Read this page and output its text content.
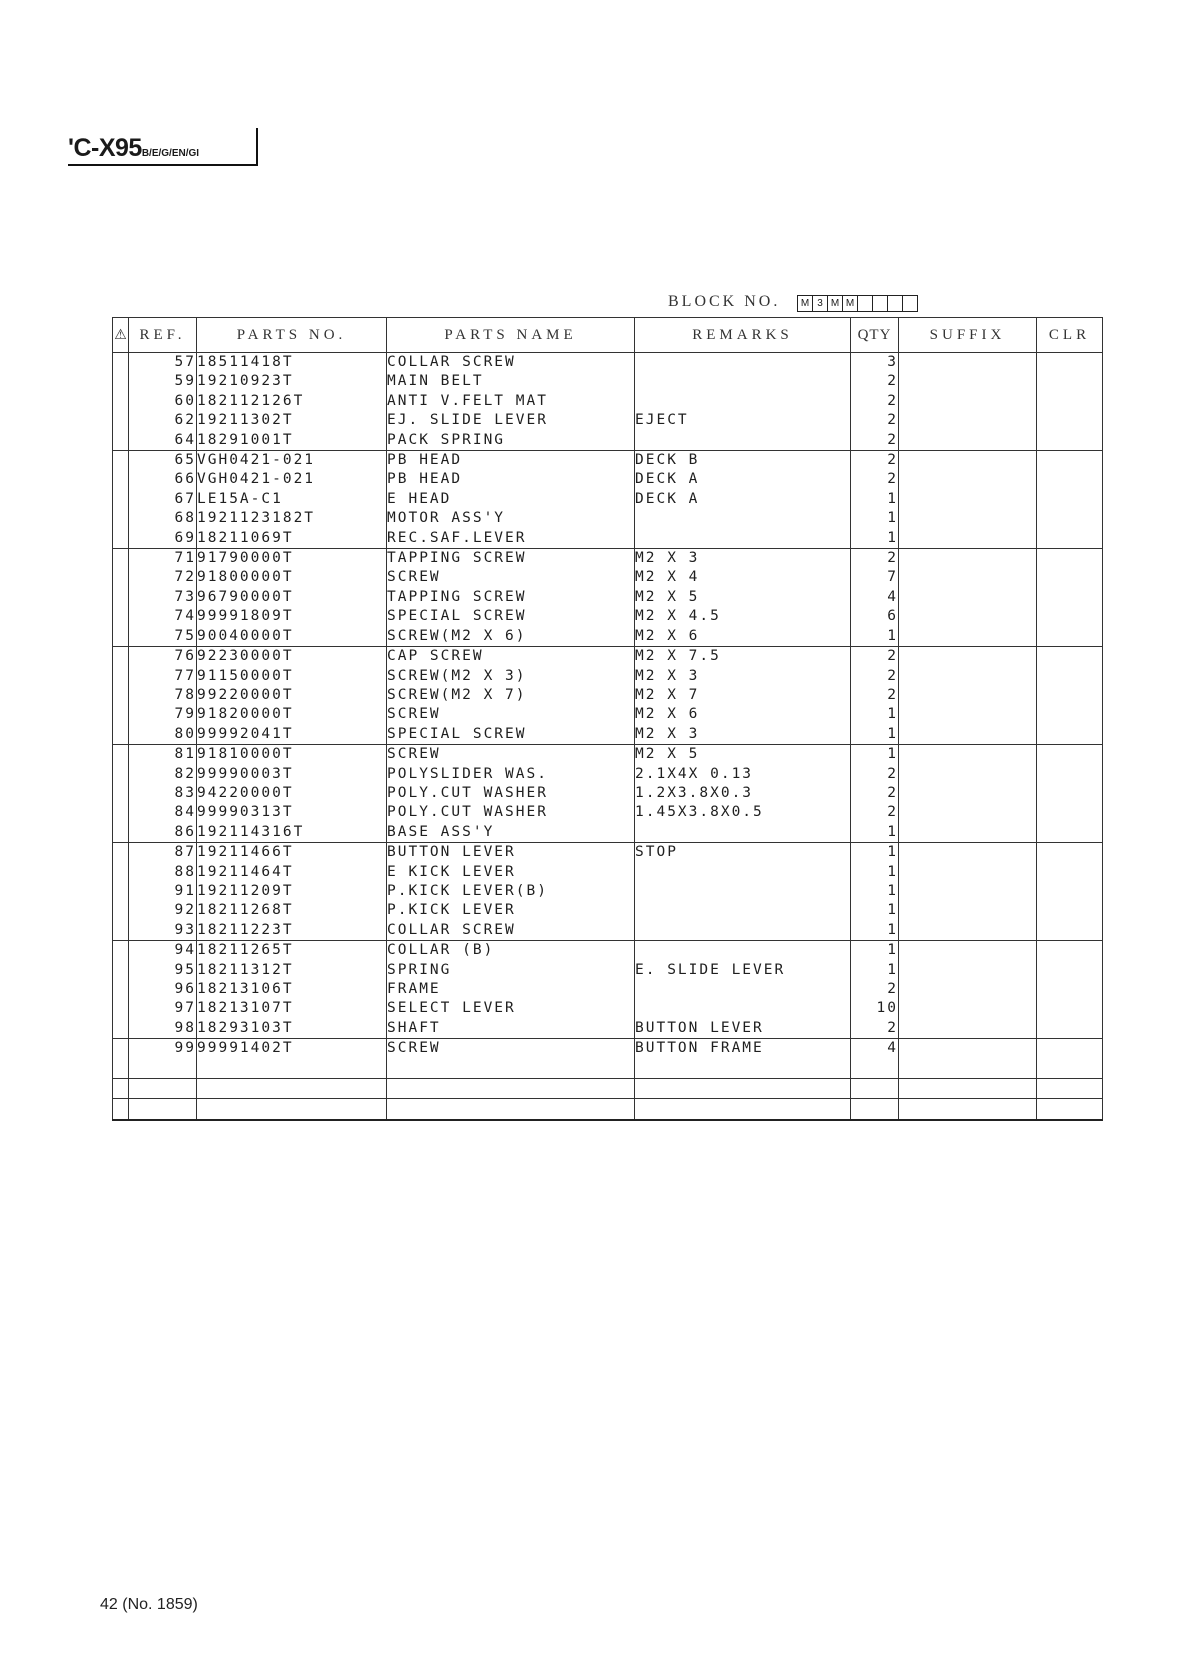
'C-X95B/E/G/EN/GI
BLOCK NO.	M 3 M M
⚠	REF.	PARTS NO.	PARTS NAME	REMARKS	QTY	SUFFIX	CLR
	57	18511418T	COLLAR SCREW		3		
	59	19210923T	MAIN BELT		2		
	60	182112126T	ANTI V.FELT MAT		2		
	62	19211302T	EJ. SLIDE LEVER	EJECT	2		
	64	18291001T	PACK SPRING		2		
	65	VGH0421-021	PB HEAD	DECK B	2		
	66	VGH0421-021	PB HEAD	DECK A	2		
	67	LE15A-C1	E HEAD	DECK A	1		
	68	1921123182T	MOTOR ASS'Y		1		
	69	18211069T	REC.SAF.LEVER		1		
	71	91790000T	TAPPING SCREW	M2 X 3	2		
	72	91800000T	SCREW	M2 X 4	7		
	73	96790000T	TAPPING SCREW	M2 X 5	4		
	74	99991809T	SPECIAL SCREW	M2 X 4.5	6		
	75	90040000T	SCREW(M2 X 6)	M2 X 6	1		
	76	92230000T	CAP SCREW	M2 X 7.5	2		
	77	91150000T	SCREW(M2 X 3)	M2 X 3	2		
	78	99220000T	SCREW(M2 X 7)	M2 X 7	2		
	79	91820000T	SCREW	M2 X 6	1		
	80	99992041T	SPECIAL SCREW	M2 X 3	1		
	81	91810000T	SCREW	M2 X 5	1		
	82	99990003T	POLYSLIDER WAS.	2.1X4X 0.13	2		
	83	94220000T	POLY.CUT WASHER	1.2X3.8X0.3	2		
	84	99990313T	POLY.CUT WASHER	1.45X3.8X0.5	2		
	86	192114316T	BASE ASS'Y		1		
	87	19211466T	BUTTON LEVER	STOP	1		
	88	19211464T	E KICK LEVER		1		
	91	19211209T	P.KICK LEVER(B)		1		
	92	18211268T	P.KICK LEVER		1		
	93	18211223T	COLLAR SCREW		1		
	94	18211265T	COLLAR (B)		1		
	95	18211312T	SPRING	E. SLIDE LEVER	1		
	96	18213106T	FRAME		2		
	97	18213107T	SELECT LEVER		10		
	98	18293103T	SHAFT	BUTTON LEVER	2		
	99	99991402T	SCREW	BUTTON FRAME	4		

42 (No. 1859)
